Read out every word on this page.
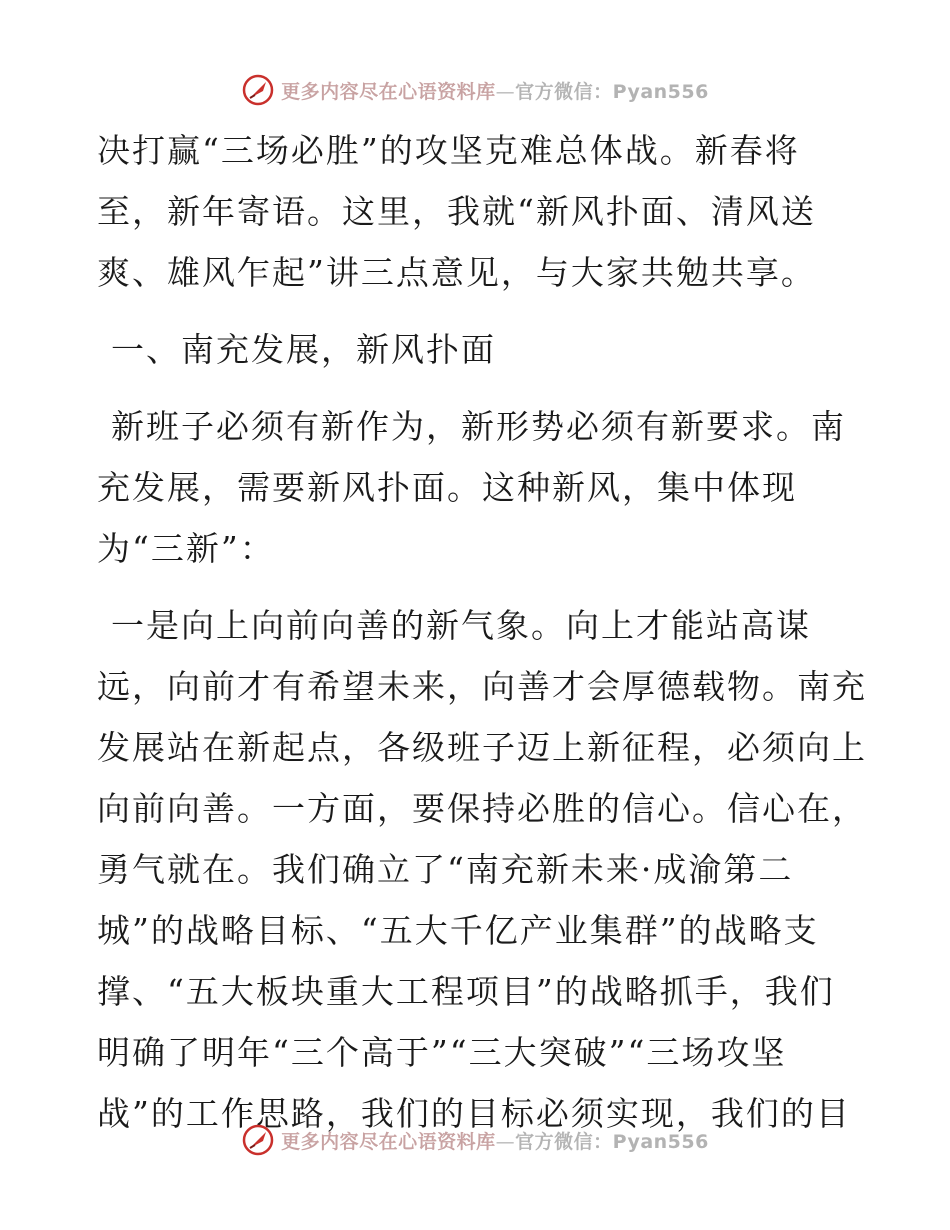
更多内容尽在心语资料库—官方微信：Pyan556
决打赢“三场必胜”的攻坚克难总体战。新春将
至，新年寄语。这里，我就“新风扑面、清风送
爽、雄风乍起”讲三点意见，与大家共勉共享。
一、南充发展，新风扑面
新班子必须有新作为，新形势必须有新要求。南
充发展，需要新风扑面。这种新风，集中体现
为“三新”：
一是向上向前向善的新气象。向上才能站高谋
远，向前才有希望未来，向善才会厚德载物。南充
发展站在新起点，各级班子迈上新征程，必须向上
向前向善。一方面，要保持必胜的信心。信心在，
勇气就在。我们确立了“南充新未来·成渝第二
城”的战略目标、“五大千亿产业集群”的战略支
撑、“五大板块重大工程项目”的战略抓手，我们
明确了明年“三个高于”“三大突破”“三场攻坚
战”的工作思路，我们的目标必须实现，我们的目
更多内容尽在心语资料库—官方微信：Pyan556
